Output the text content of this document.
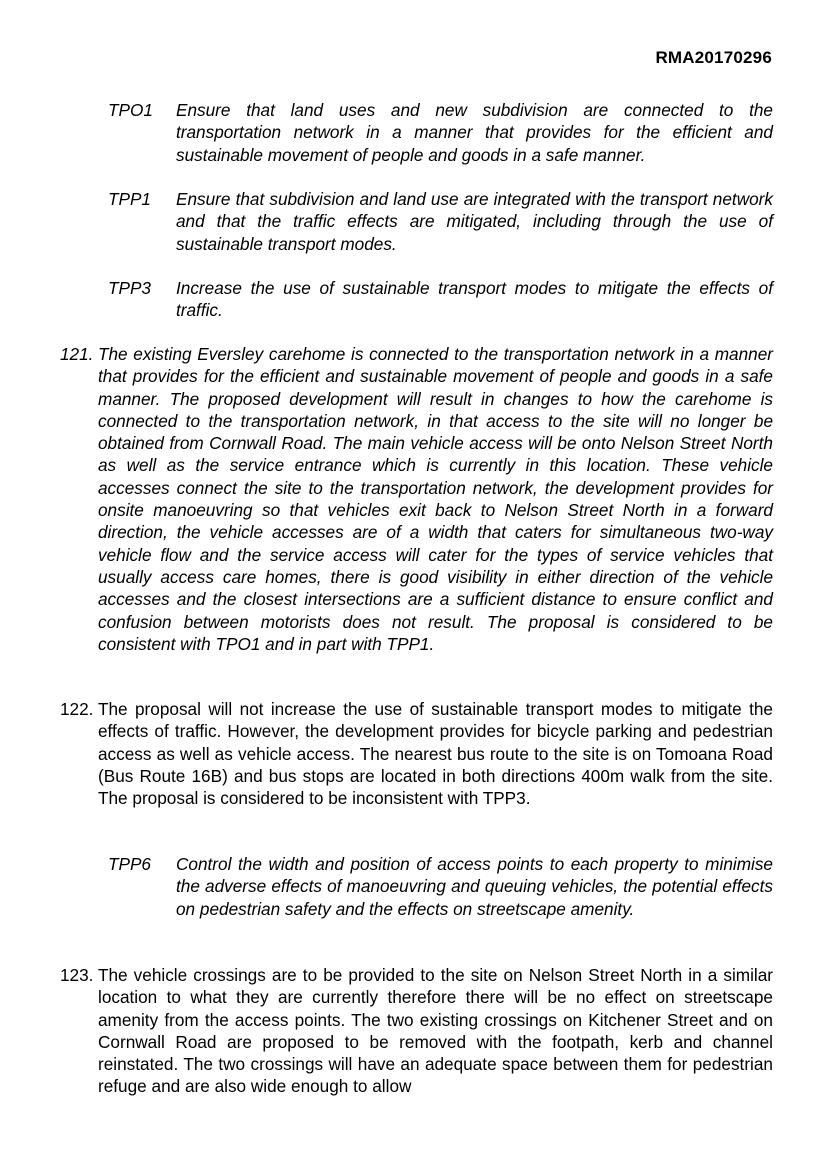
RMA20170296
TPO1	Ensure that land uses and new subdivision are connected to the transportation network in a manner that provides for the efficient and sustainable movement of people and goods in a safe manner.
TPP1	Ensure that subdivision and land use are integrated with the transport network and that the traffic effects are mitigated, including through the use of sustainable transport modes.
TPP3	Increase the use of sustainable transport modes to mitigate the effects of traffic.
121. The existing Eversley carehome is connected to the transportation network in a manner that provides for the efficient and sustainable movement of people and goods in a safe manner. The proposed development will result in changes to how the carehome is connected to the transportation network, in that access to the site will no longer be obtained from Cornwall Road. The main vehicle access will be onto Nelson Street North as well as the service entrance which is currently in this location. These vehicle accesses connect the site to the transportation network, the development provides for onsite manoeuvring so that vehicles exit back to Nelson Street North in a forward direction, the vehicle accesses are of a width that caters for simultaneous two-way vehicle flow and the service access will cater for the types of service vehicles that usually access care homes, there is good visibility in either direction of the vehicle accesses and the closest intersections are a sufficient distance to ensure conflict and confusion between motorists does not result. The proposal is considered to be consistent with TPO1 and in part with TPP1.
122. The proposal will not increase the use of sustainable transport modes to mitigate the effects of traffic. However, the development provides for bicycle parking and pedestrian access as well as vehicle access. The nearest bus route to the site is on Tomoana Road (Bus Route 16B) and bus stops are located in both directions 400m walk from the site. The proposal is considered to be inconsistent with TPP3.
TPP6	Control the width and position of access points to each property to minimise the adverse effects of manoeuvring and queuing vehicles, the potential effects on pedestrian safety and the effects on streetscape amenity.
123. The vehicle crossings are to be provided to the site on Nelson Street North in a similar location to what they are currently therefore there will be no effect on streetscape amenity from the access points. The two existing crossings on Kitchener Street and on Cornwall Road are proposed to be removed with the footpath, kerb and channel reinstated. The two crossings will have an adequate space between them for pedestrian refuge and are also wide enough to allow
